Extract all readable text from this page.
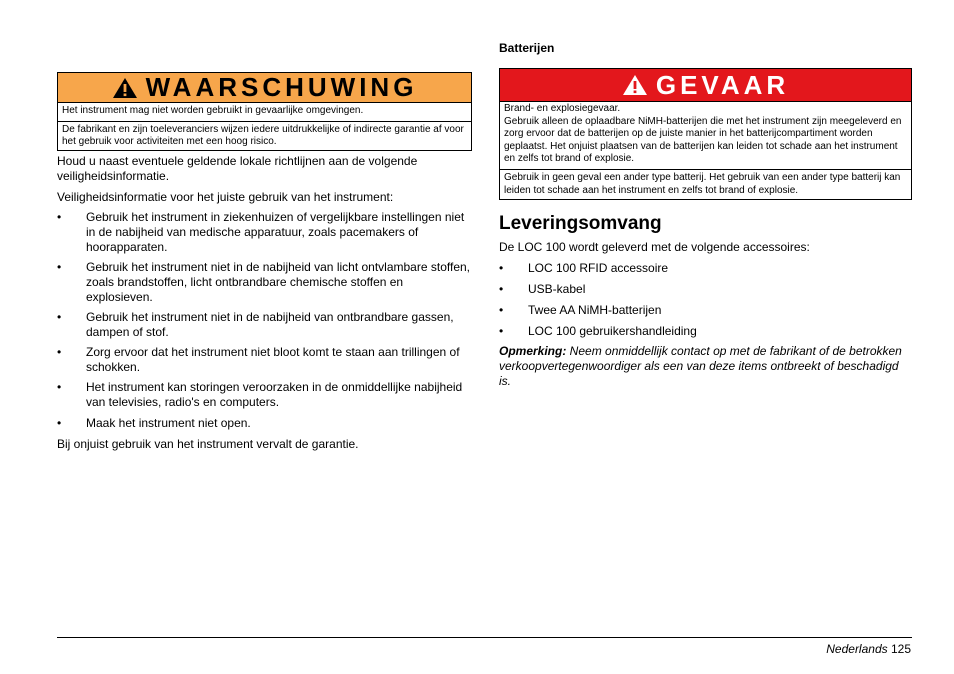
WAARSCHUWING

Het instrument mag niet worden gebruikt in gevaarlijke omgevingen.

De fabrikant en zijn toeleveranciers wijzen iedere uitdrukkelijke of indirecte garantie af voor het gebruik voor activiteiten met een hoog risico.

Houd u naast eventuele geldende lokale richtlijnen aan de volgende veiligheidsinformatie.

Veiligheidsinformatie voor het juiste gebruik van het instrument:

• Gebruik het instrument in ziekenhuizen of vergelijkbare instellingen niet in de nabijheid van medische apparatuur, zoals pacemakers of hoorapparaten.
• Gebruik het instrument niet in de nabijheid van licht ontvlambare stoffen, zoals brandstoffen, licht ontbrandbare chemische stoffen en explosieven.
• Gebruik het instrument niet in de nabijheid van ontbrandbare gassen, dampen of stof.
• Zorg ervoor dat het instrument niet bloot komt te staan aan trillingen of schokken.
• Het instrument kan storingen veroorzaken in de onmiddellijke nabijheid van televisies, radio's en computers.
• Maak het instrument niet open.

Bij onjuist gebruik van het instrument vervalt de garantie.

Batterijen
GEVAAR

Brand- en explosiegevaar.
Gebruik alleen de oplaadbare NiMH-batterijen die met het instrument zijn meegeleverd en zorg ervoor dat de batterijen op de juiste manier in het batterijcompartiment worden geplaatst. Het onjuist plaatsen van de batterijen kan leiden tot schade aan het instrument en zelfs tot brand of explosie.

Gebruik in geen geval een ander type batterij. Het gebruik van een ander type batterij kan leiden tot schade aan het instrument en zelfs tot brand of explosie.

Leveringsomvang

De LOC 100 wordt geleverd met de volgende accessoires:

• LOC 100 RFID accessoire
• USB-kabel
• Twee AA NiMH-batterijen
• LOC 100 gebruikershandleiding

Opmerking: Neem onmiddellijk contact op met de fabrikant of de betrokken verkoopvertegenwoordiger als een van deze items ontbreekt of beschadigd is.

Nederlands 125
